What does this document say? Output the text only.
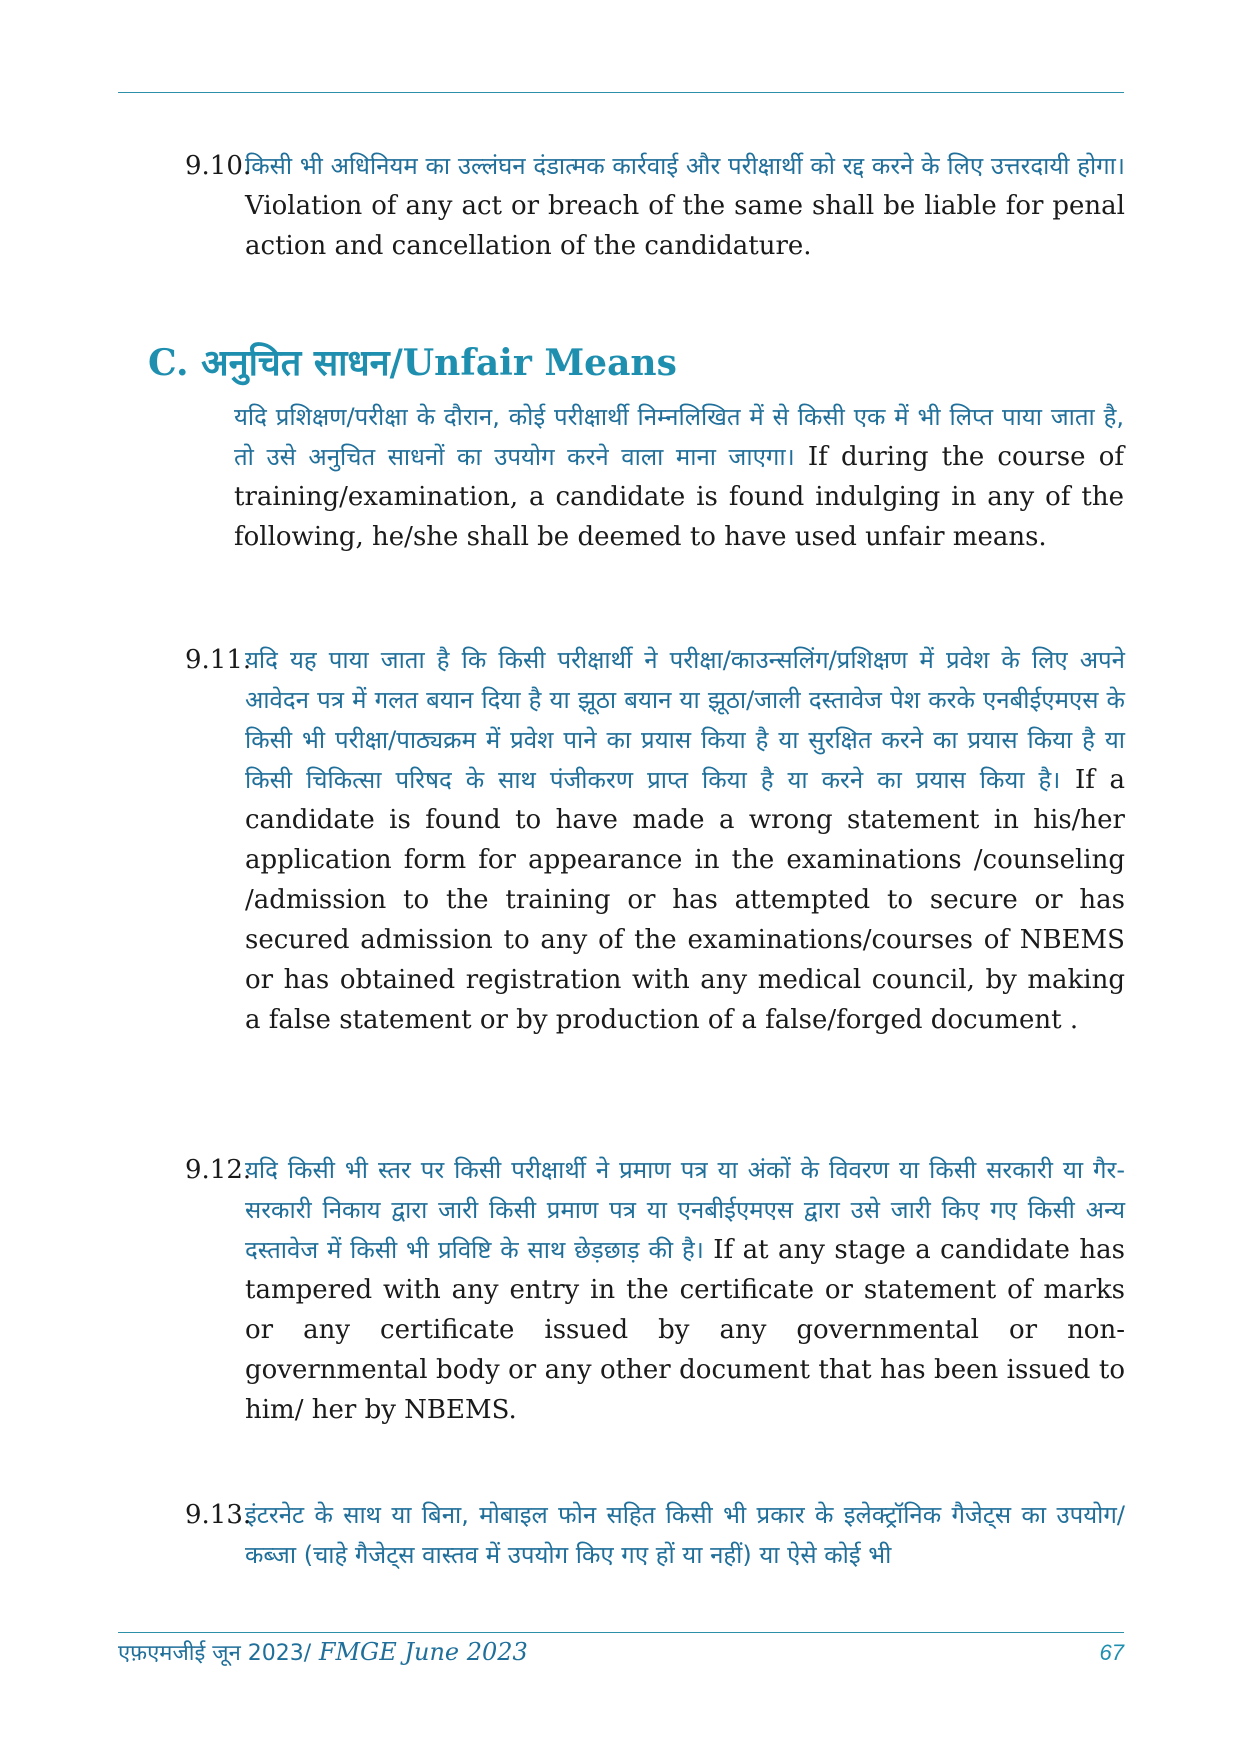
9.10.
किसी भी अधिनियम का उल्लंघन दंडात्मक कार्रवाई और परीक्षार्थी को रद्द करने के लिए उत्तरदायी होगा। Violation of any act or breach of the same shall be liable for penal action and cancellation of the candidature.
C. अनुचित साधन/Unfair Means
यदि प्रशिक्षण/परीक्षा के दौरान, कोई परीक्षार्थी निम्नलिखित में से किसी एक में भी लिप्त पाया जाता है, तो उसे अनुचित साधनों का उपयोग करने वाला माना जाएगा। If during the course of training/examination, a candidate is found indulging in any of the following, he/she shall be deemed to have used unfair means.
9.11.
यदि यह पाया जाता है कि किसी परीक्षार्थी ने परीक्षा/काउन्सलिंग/प्रशिक्षण में प्रवेश के लिए अपने आवेदन पत्र में गलत बयान दिया है या झूठा बयान या झूठा/जाली दस्तावेज पेश करके एनबीईएमएस के किसी भी परीक्षा/पाठ्यक्रम में प्रवेश पाने का प्रयास किया है या सुरक्षित करने का प्रयास किया है या किसी चिकित्सा परिषद के साथ पंजीकरण प्राप्त किया है या करने का प्रयास किया है। If a candidate is found to have made a wrong statement in his/her application form for appearance in the examinations /counseling /admission to the training or has attempted to secure or has secured admission to any of the examinations/courses of NBEMS or has obtained registration with any medical council, by making a false statement or by production of a false/forged document .
9.12.
यदि किसी भी स्तर पर किसी परीक्षार्थी ने प्रमाण पत्र या अंकों के विवरण या किसी सरकारी या गैर-सरकारी निकाय द्वारा जारी किसी प्रमाण पत्र या एनबीईएमएस द्वारा उसे जारी किए गए किसी अन्य दस्तावेज में किसी भी प्रविष्टि के साथ छेड़छाड़ की है। If at any stage a candidate has tampered with any entry in the certificate or statement of marks or any certificate issued by any governmental or non-governmental body or any other document that has been issued to him/ her by NBEMS.
9.13.
इंटरनेट के साथ या बिना, मोबाइल फोन सहित किसी भी प्रकार के इलेक्ट्रॉनिक गैजेट्स का उपयोग/कब्जा (चाहे गैजेट्स वास्तव में उपयोग किए गए हों या नहीं) या ऐसे कोई भी
एफ़एमजीई जून 2023/ FMGE June 2023	67
